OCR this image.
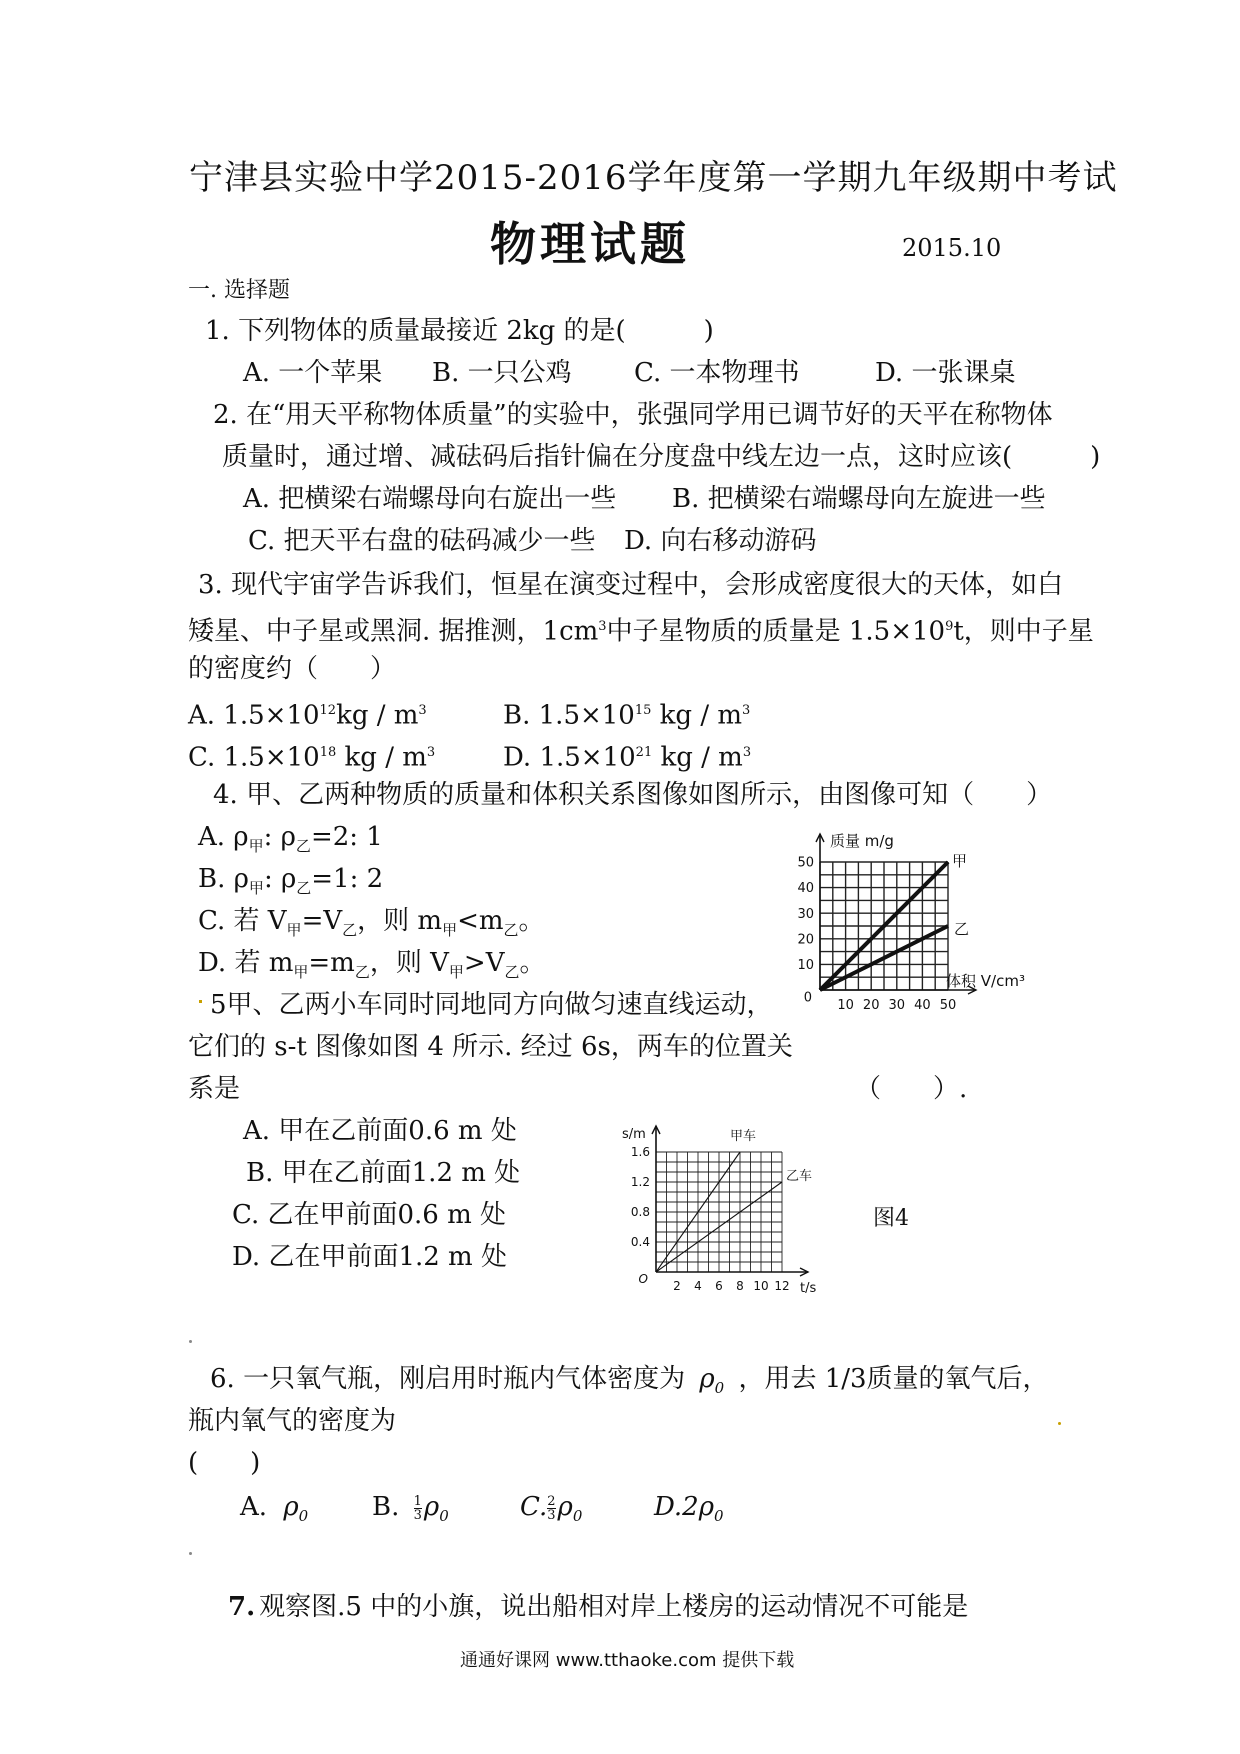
宁津县实验中学2015-2016学年度第一学期九年级期中考试
物理试题	2015.10
一. 选择题
1. 下列物体的质量最接近 2kg 的是(　　　)
A. 一个苹果 B. 一只公鸡 C. 一本物理书	D. 一张课桌
2. 在“用天平称物体质量”的实验中，张强同学用已调节好的天平在称物体
质量时，通过增、减砝码后指针偏在分度盘中线左边一点，这时应该(　　　)
A. 把横梁右端螺母向右旋出一些 B. 把横梁右端螺母向左旋进一些
C. 把天平右盘的砝码减少一些 D. 向右移动游码
3. 现代宇宙学告诉我们，恒星在演变过程中，会形成密度很大的天体，如白
矮星、中子星或黑洞. 据推测，$1cm^3$中子星物质的质量是 $1.5\times 10^9t$，则中子星
的密度约（　　）
A. $1.5\times 10^{12}kg / m^3$	B. $1.5\times 10^{15}$ kg / $m^3$
C. $1.5\times 10^{18}$ kg / $m^3$	D. $1.5\times 10^{21}$ kg / $m^3$
4. 甲、乙两种物质的质量和体积关系图像如图所示，由图像可知（　　）
A. $\rho_甲$: $\rho_乙=2$: 1
B. $\rho_甲$: $\rho_乙=1$: 2
C. 若 $V_甲=V_乙$，则 $m_甲<m_乙$。
D. 若 $m_甲=m_乙$，则 $V_甲>V_乙$。
10 20 30 40 50
10
20
30
40
50
0
质量 m/g
体积 V/cm³
甲
乙
5甲、乙两小车同时同地同方向做匀速直线运动，
它们的 s-t 图像如图 4 所示. 经过 6s，两车的位置关
系是	（　　）.
A. 甲在乙前面0.6 m 处
B. 甲在乙前面1.2 m 处
C. 乙在甲前面0.6 m 处
D. 乙在甲前面1.2 m 处
2 4 6 8 10 12
0.4
0.8
1.2
1.6
O
s/m
t/s
甲车
乙车
图4
6. 一只氧气瓶，刚启用时瓶内气体密度为 $\rho_0$ ，用去 1/3质量的氧气后，
瓶内氧气的密度为
(　　)
A. $\rho_0$ B. $\frac{1}{3} \rho_0$	$C.\frac{2}{3} \rho_0$	$D.2\rho_0$
7. 观察图.5 中的小旗，说出船相对岸上楼房的运动情况不可能是
通通好课网 www.tthaoke.com 提供下载
